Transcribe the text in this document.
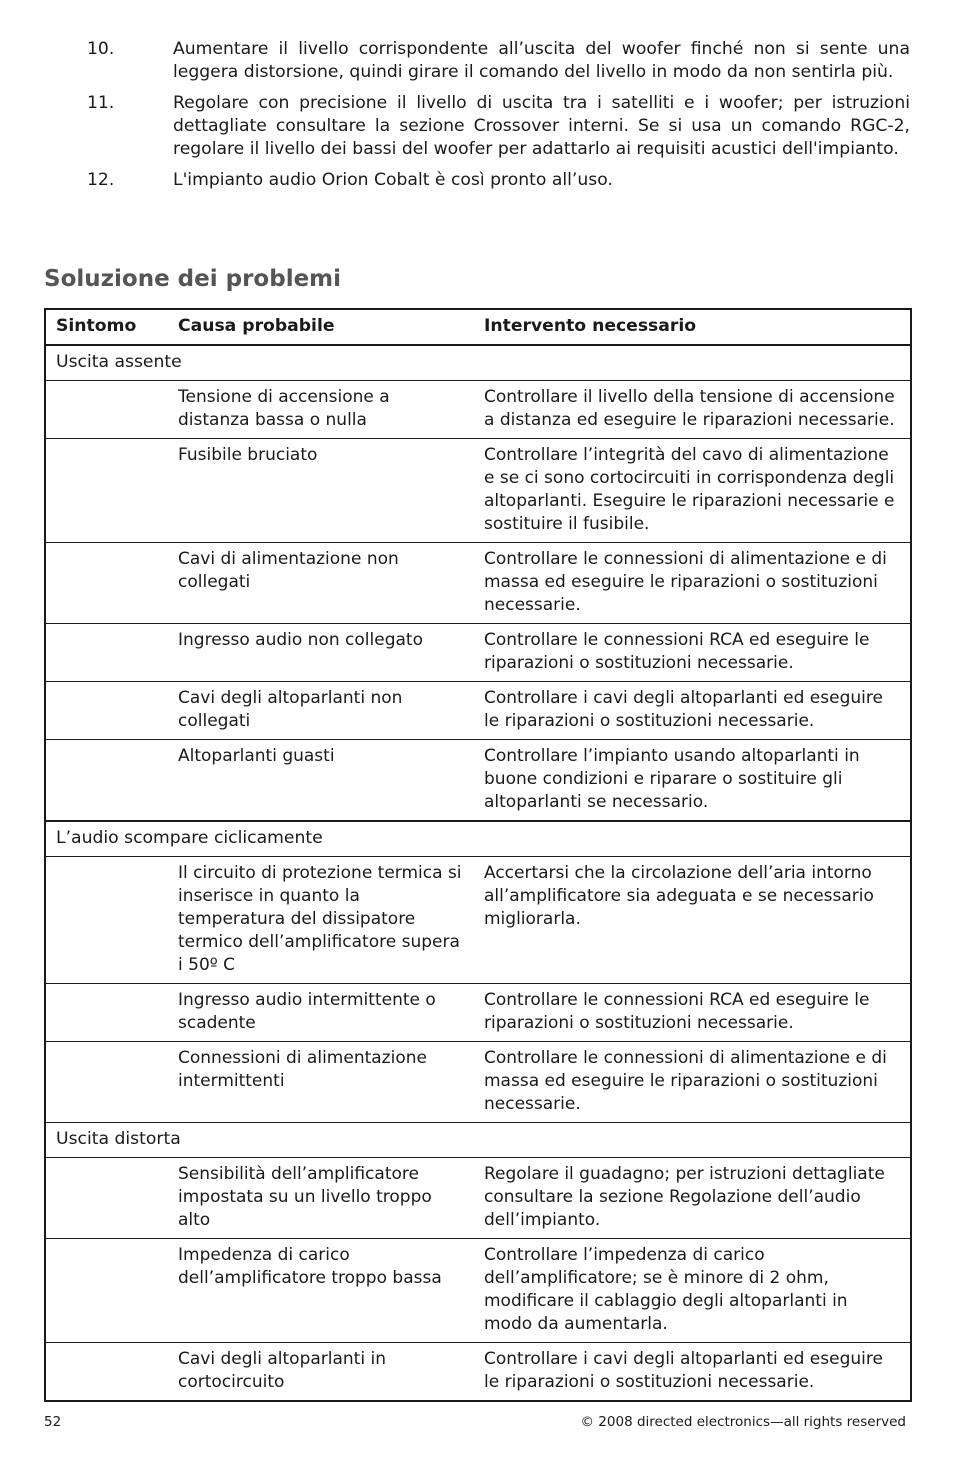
10.	Aumentare il livello corrispondente all’uscita del woofer finché non si sente una leggera distorsione, quindi girare il comando del livello in modo da non sentirla più.
11.	Regolare con precisione il livello di uscita tra i satelliti e i woofer; per istruzioni dettagliate consultare la sezione Crossover interni. Se si usa un comando RGC-2, regolare il livello dei bassi del woofer per adattarlo ai requisiti acustici dell'impianto.
12.	L'impianto audio Orion Cobalt è così pronto all’uso.
Soluzione dei problemi
Sintomo	Causa probabile	Intervento necessario
Uscita assente		
	Tensione di accensione a distanza bassa o nulla	Controllare il livello della tensione di accensione a distanza ed eseguire le riparazioni necessarie.
	Fusibile bruciato	Controllare l’integrità del cavo di alimentazione e se ci sono cortocircuiti in corrispondenza degli altoparlanti. Eseguire le riparazioni necessarie e sostituire il fusibile.
	Cavi di alimentazione non collegati	Controllare le connessioni di alimentazione e di massa ed eseguire le riparazioni o sostituzioni necessarie.
	Ingresso audio non collegato	Controllare le connessioni RCA ed eseguire le riparazioni o sostituzioni necessarie.
	Cavi degli altoparlanti non collegati	Controllare i cavi degli altoparlanti ed eseguire le riparazioni o sostituzioni necessarie.
	Altoparlanti guasti	Controllare l’impianto usando altoparlanti in buone condizioni e riparare o sostituire gli altoparlanti se necessario.
L’audio scompare ciclicamente		
	Il circuito di protezione termica si inserisce in quanto la temperatura del dissipatore termico dell’amplificatore supera i 50º C	Accertarsi che la circolazione dell’aria intorno all’amplificatore sia adeguata e se necessario migliorarla.
	Ingresso audio intermittente o scadente	Controllare le connessioni RCA ed eseguire le riparazioni o sostituzioni necessarie.
	Connessioni di alimentazione intermittenti	Controllare le connessioni di alimentazione e di massa ed eseguire le riparazioni o sostituzioni necessarie.
Uscita distorta		
	Sensibilità dell’amplificatore impostata su un livello troppo alto	Regolare il guadagno; per istruzioni dettagliate consultare la sezione Regolazione dell’audio dell’impianto.
	Impedenza di carico dell’amplificatore troppo bassa	Controllare l’impedenza di carico dell’amplificatore; se è minore di 2 ohm, modificare il cablaggio degli altoparlanti in modo da aumentarla.
	Cavi degli altoparlanti in cortocircuito	Controllare i cavi degli altoparlanti ed eseguire le riparazioni o sostituzioni necessarie.
52	© 2008 directed electronics—all rights reserved
